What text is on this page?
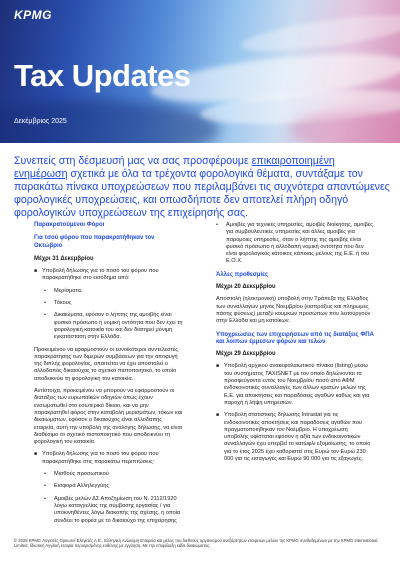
KPMG
Tax Updates
Δεκέμβριος 2025
Συνεπείς στη δέσμευσή μας να σας προσφέρουμε επικαιροποιημένη ενημέρωση σχετικά με όλα τα τρέχοντα φορολογικά θέματα, συντάξαμε τον παρακάτω πίνακα υποχρεώσεων που περιλαμβάνει τις συχνότερα απαντώμενες φορολογικές υποχρεώσεις, και οπωσδήποτε δεν αποτελεί πλήρη οδηγό φορολογικών υποχρεώσεων της επιχείρησής σας.
Παρακρατούμενοι Φόροι
Για τσού φόρου που παρακρατήθηκαν τον Οκτώβριο
Μέχρι 31 Δεκεμβρίου
■ Υποβολή δήλωσης για το ποσό του φόρου που παρακρατήθηκε στο εισόδημα από:
• Μερίσματα.
• Τόκους
• Δικαιώματα, εφόσον ο λήπτης της αμοιβής είναι φυσικό πρόσωπο ή νομική οντότητα που δεν έχει τη φορολογική κατοικία του και δεν διατηρεί μόνιμη εγκατάσταση στην Ελλάδα.
Προκειμένου να εφαρμοστούν οι ευνοϊκότεροι συντελεστές παρακράτησης των διμερών συμβάσεων για την αποφυγή της διπλής φορολογίας, απαιτείται να έχει αποσταλεί ο αλλοδαπός δικαιούχος το σχετικό πιστοποιητικό, το οποίο αποδεικνύει τη φορολογική του κατοικία.
Αντίστοιχα, προκειμένου να μπορούν να εφαρμοστούν οι διατάξεις των ευρωπαϊκών οδηγιών όπως έχουν ενσωματωθεί στο εσωτερικό δίκαιο, και να μην παρακρατηθεί φόρος στην καταβολή μερισμάτων, τόκων και δικαιωμάτων, εφόσον ο δικαιούχος είναι αλλοδαπής εταιρεία, αυτή την υποβολή της ανάλογης δήλωσης, να είναι διαθέσιμο το σχετικό πιστοποιητικό που αποδεικνύει τη φορολογική του κατοικία.
■ Υποβολή δήλωσης για το ποσό του φόρου που παρακρατήθηκε στις παρακάτω περιπτώσεις:
• Μισθούς προσωπικού
• Εισφορά Αλληλεγγύης
• Αμοιβές μελών ΔΣ Αποζημίωση του Ν. 2112/1920 λόγω καταγγελίας της σύμβασης εργασίας / για υποκινηθέντες λόγω διακοπής της σχέσης, η οποία συνδέει το φορέα με το δικαιούχο της επιχείρησης
• Αμοιβές για τεχνικές υπηρεσίες, αμοιβές διοίκησης, αμοιβές για συμβουλευτικές υπηρεσίες και άλλες αμοιβές για παρόμοιες υπηρεσίες, όταν ο λήπτης της αμοιβής είναι φυσικό πρόσωπο ή αλλοδαπή νομική οντότητα που δεν είναι φορολογικός κάτοικος κάποιας μέλους της Ε.Ε. ή του Ε.Ο.Χ.
Άλλες προθεσμίες
Μέχρι 20 Δεκεμβρίου
Αποστολή (ηλεκτρονική) υποβολή στην Τράπεζα της Ελλάδος των συναλλαγών μηνός Νοεμβρίου (εισπράξεις και πληρωμές πάσης φύσεως) μεταξύ κουμκών προσώπων που λειτουργούν στην Ελλάδα και μη κατοίκων.
Υποχρεώσεις των επιχειρήσεων από τις διατάξεις ΦΠΑ και λοιπών έμμεσων φόρων και τελών
Μέχρι 29 Δεκεμβρίου
■ Υποβολή αρχικού ανακεφαλαιωτικού πίνακα (listing) μέσω του συστήματος TAXISNET με τον οποίο δηλώνονται τα προσφεύγοντα εντός του Νοεμβρίου ποσό από ΑΦΜ ενδοκοινοτικές συναλλαγές των άλλων κρατών μελών της Ε.Ε. για αποκτήσεις και παραδόσεις αγαθών καθώς και για παροχή ή λήψη υπηρεσιών.
■ Υποβολή στατιστικής δήλωσης Intrastat για τις ενδοκοινοτικές αποκτήσεις και παραδόσεις αγαθών που πραγματοποιήθηκαν τον Νοέμβριο. Η υποχρέωση υποβολής υφίσταται εφόσον η αξία των ενδοκοινοτικών συναλλαγών έχει υπερβεί το κατώφλι εξομοίωσης, το οποίο για το έτος 2025 έχει καθοριστεί στις Ευρώ τον Ευρώ 230 000 για τις εισαγωγές και Ευρώ 90 000 για τις εξαγωγές.
© 2025 KPMG Λογιστές Ορκωτοί Ελεγκτές Α.Ε., Ελληνική Ανώνυμη Εταιρεία και μέλος του διεθνούς οργανισμού ανεξάρτητων εταιρειών μελών της KPMG συνδεδεμένων με την KPMG International Limited. Ιδιωτική Αγγλική εταιρία περιορισμένης ευθύνης με εγγύηση. Με την επιφύλαξη κάθε δικαιώματος.
